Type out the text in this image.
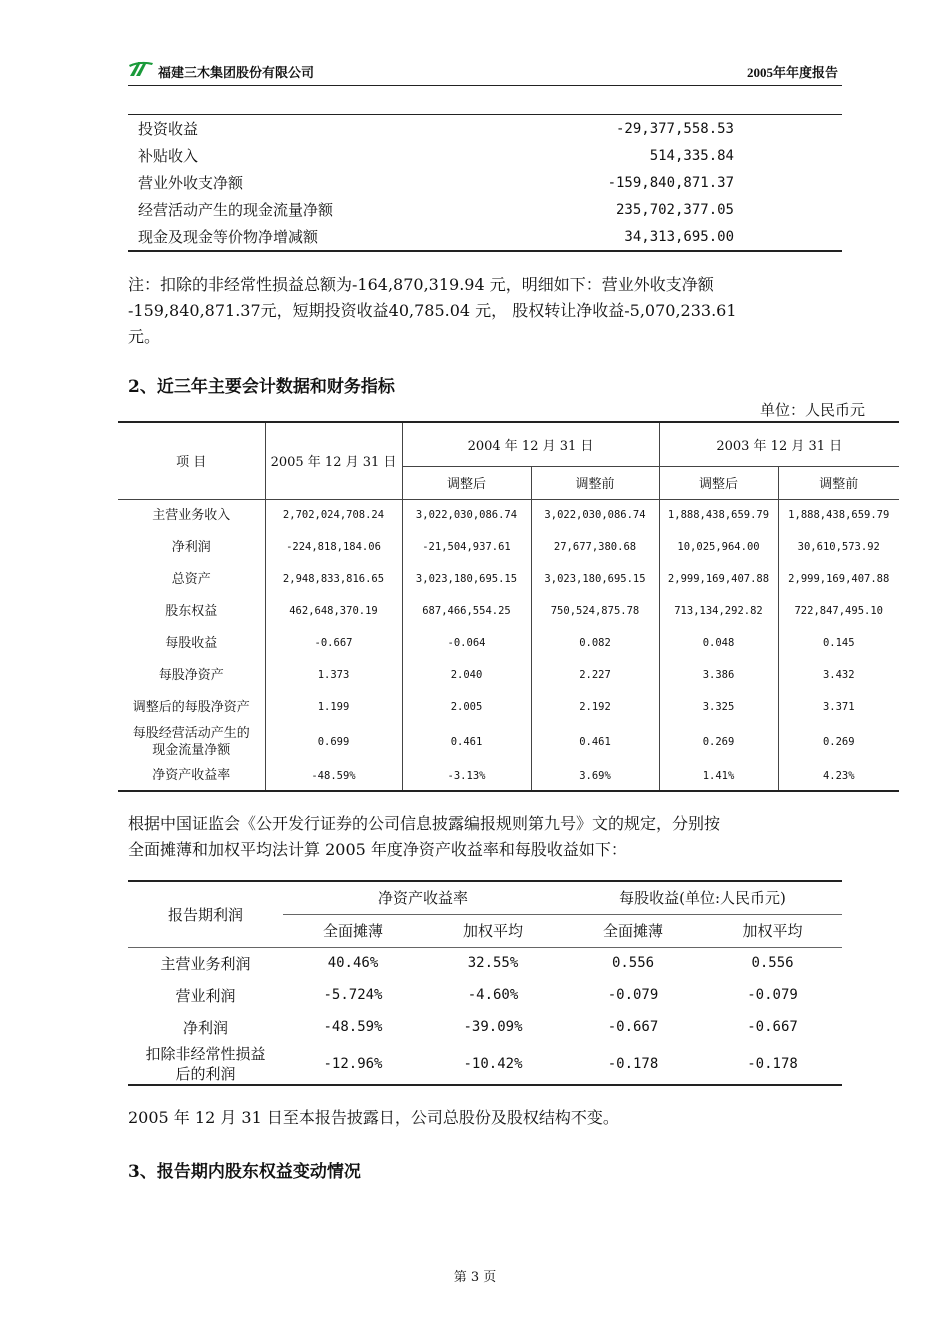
福建三木集团股份有限公司	2005年年度报告
投资收益	-29,377,558.53
补贴收入	514,335.84
营业外收支净额	-159,840,871.37
经营活动产生的现金流量净额	235,702,377.05
现金及现金等价物净增减额	34,313,695.00
注：扣除的非经常性损益总额为-164,870,319.94 元，明细如下：营业外收支净额
-159,840,871.37元，短期投资收益40,785.04 元， 股权转让净收益-5,070,233.61
元。
2、近三年主要会计数据和财务指标
单位：人民币元
项 目	2005 年 12 月 31 日	2004 年 12 月 31 日		2003 年 12 月 31 日	
		调整后	调整前	调整后	调整前
主营业务收入	2,702,024,708.24	3,022,030,086.74	3,022,030,086.74	1,888,438,659.79	1,888,438,659.79
净利润	-224,818,184.06	-21,504,937.61	27,677,380.68	10,025,964.00	30,610,573.92
总资产	2,948,833,816.65	3,023,180,695.15	3,023,180,695.15	2,999,169,407.88	2,999,169,407.88
股东权益	462,648,370.19	687,466,554.25	750,524,875.78	713,134,292.82	722,847,495.10
每股收益	-0.667	-0.064	0.082	0.048	0.145
每股净资产	1.373	2.040	2.227	3.386	3.432
调整后的每股净资产	1.199	2.005	2.192	3.325	3.371

每股经营活动产生的
现金流量净额	0.699	0.461	0.461	0.269	0.269
净资产收益率	-48.59%	-3.13%	3.69%	1.41%	4.23%
根据中国证监会《公开发行证券的公司信息披露编报规则第九号》文的规定，分别按
全面摊薄和加权平均法计算 2005 年度净资产收益率和每股收益如下：
报告期利润	净资产收益率		每股收益(单位:人民币元)	
	全面摊薄	加权平均	全面摊薄	加权平均
主营业务利润	40.46%	32.55%	0.556	0.556
营业利润	-5.724%	-4.60%	-0.079	-0.079
净利润	-48.59%	-39.09%	-0.667	-0.667

扣除非经常性损益
后的利润	-12.96%	-10.42%	-0.178	-0.178
2005 年 12 月 31 日至本报告披露日，公司总股份及股权结构不变。
3、报告期内股东权益变动情况
第 3 页
